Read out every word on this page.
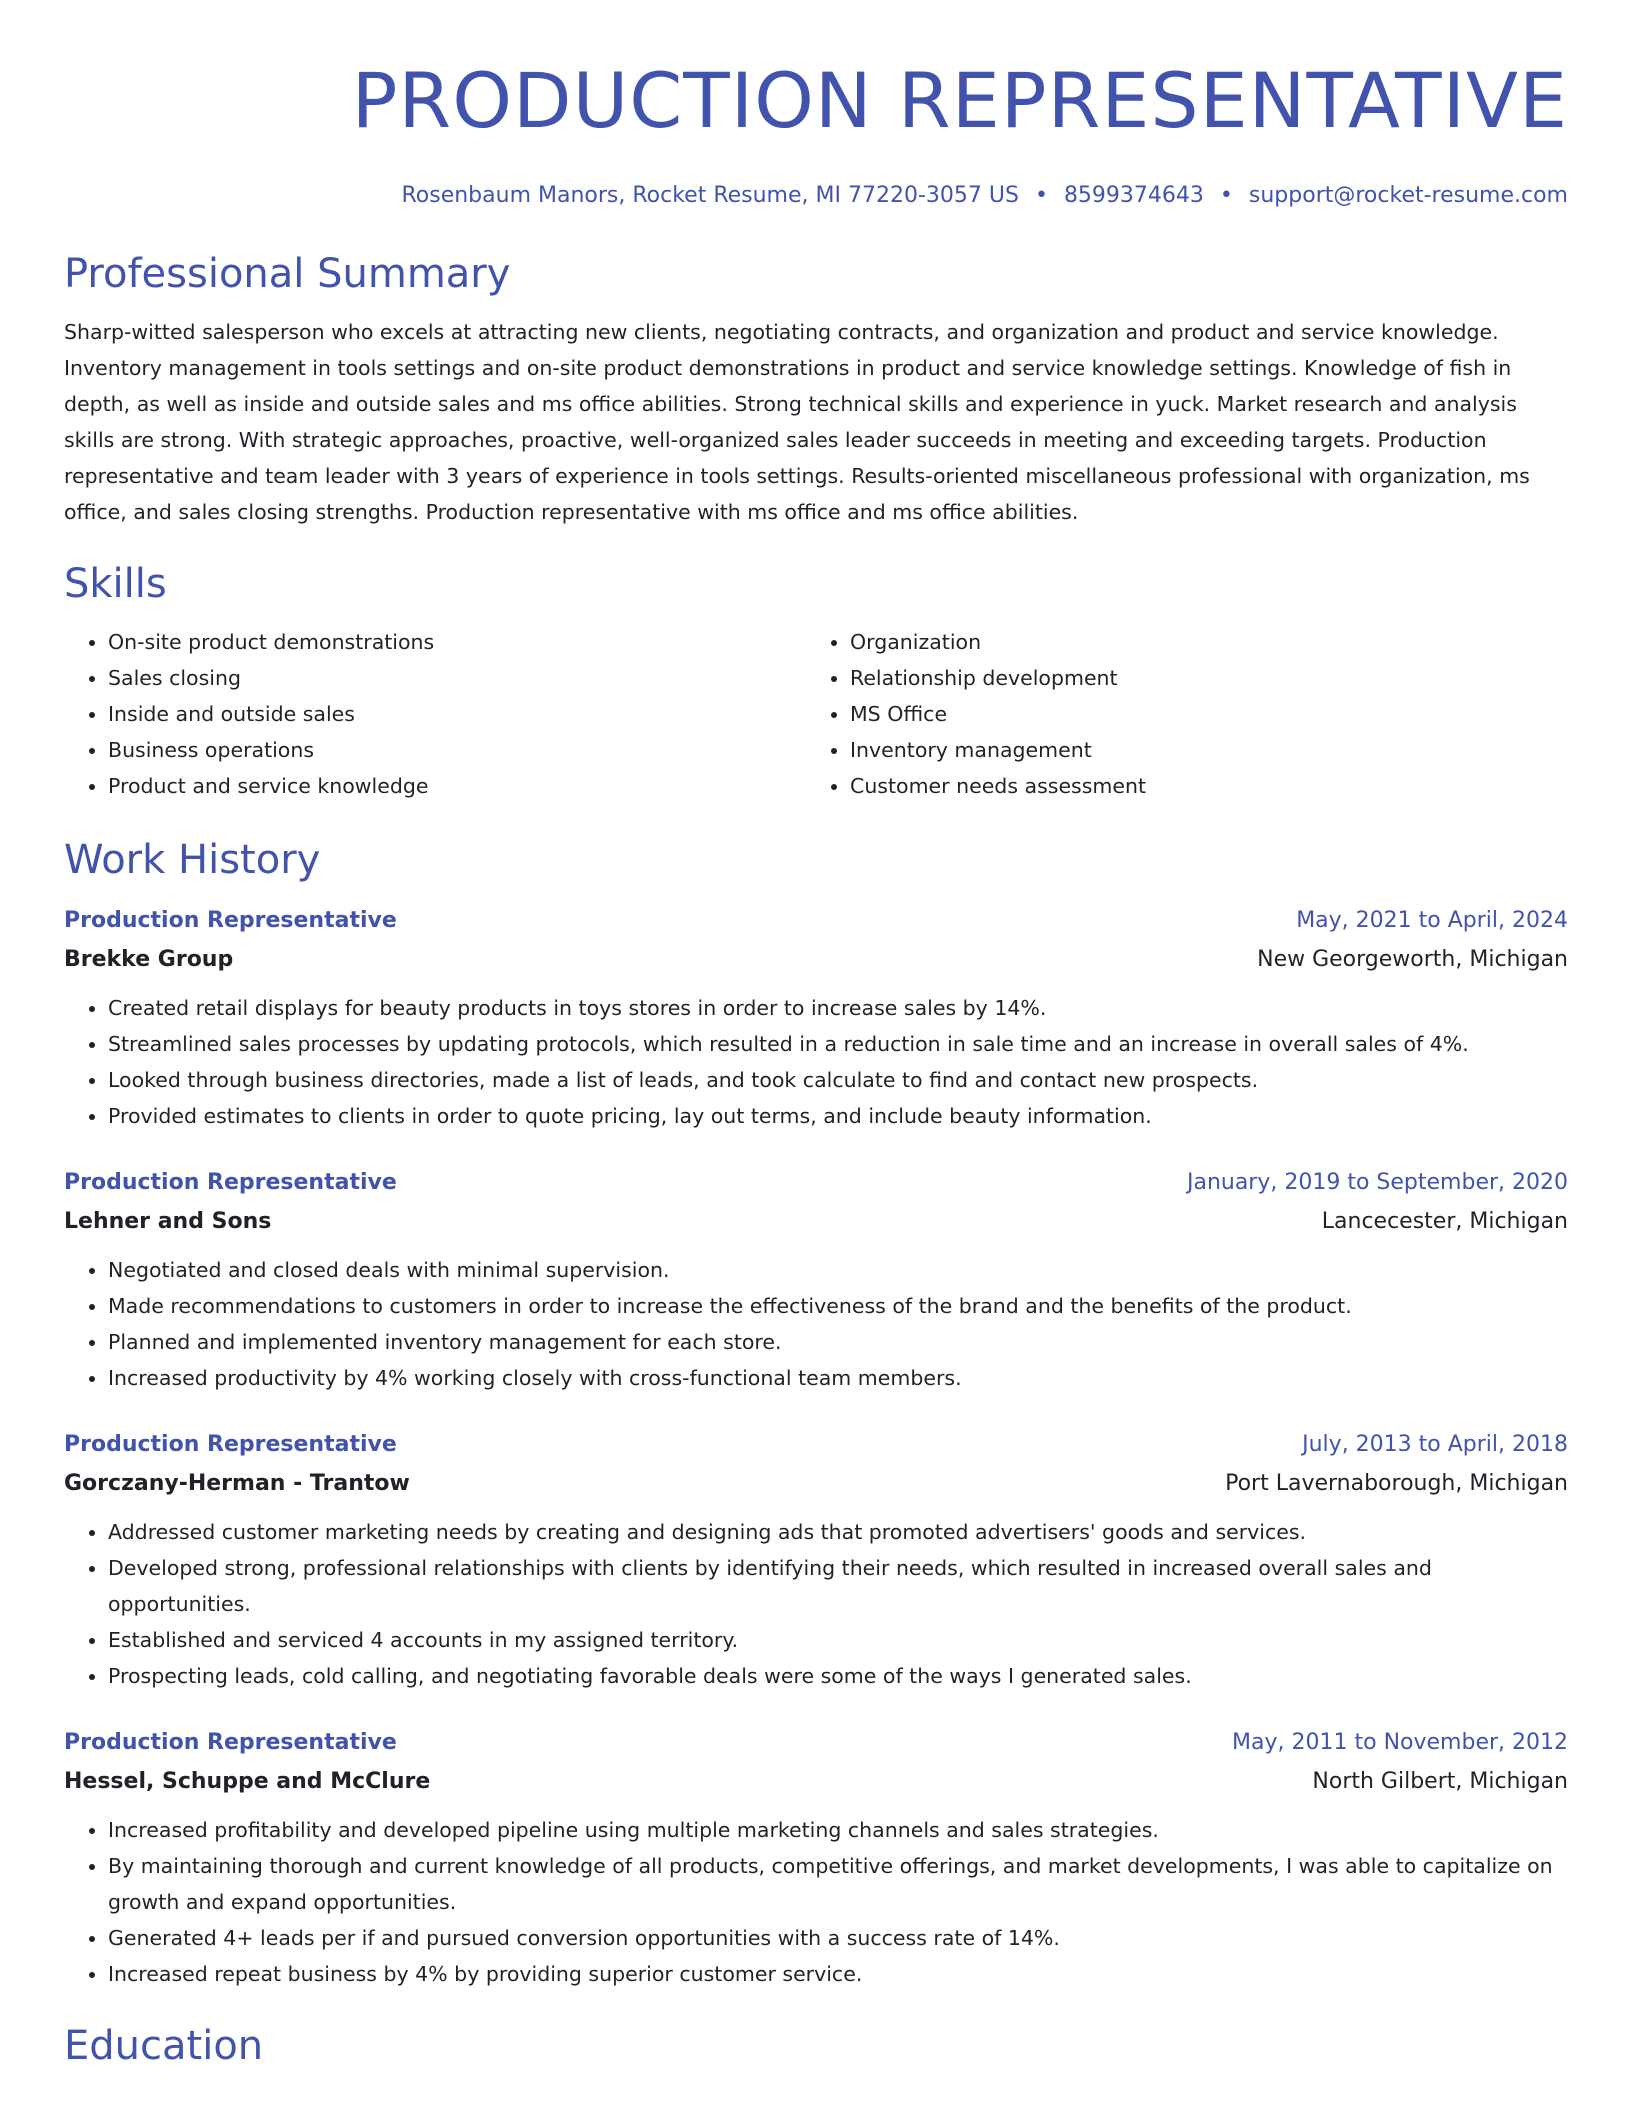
PRODUCTION REPRESENTATIVE
Rosenbaum Manors, Rocket Resume, MI 77220-3057 US • 8599374643 • support@rocket-resume.com
Professional Summary

Sharp-witted salesperson who excels at attracting new clients, negotiating contracts, and organization and product and service knowledge. Inventory management in tools settings and on-site product demonstrations in product and service knowledge settings. Knowledge of fish in depth, as well as inside and outside sales and ms office abilities. Strong technical skills and experience in yuck. Market research and analysis skills are strong. With strategic approaches, proactive, well-organized sales leader succeeds in meeting and exceeding targets. Production representative and team leader with 3 years of experience in tools settings. Results-oriented miscellaneous professional with organization, ms office, and sales closing strengths. Production representative with ms office and ms office abilities.

Skills
• On-site product demonstrations
• Sales closing
• Inside and outside sales
• Business operations
• Product and service knowledge
• Organization
• Relationship development
• MS Office
• Inventory management
• Customer needs assessment
Work History
Production Representative	May, 2021 to April, 2024
Brekke Group	New Georgeworth, Michigan
• Created retail displays for beauty products in toys stores in order to increase sales by 14%.
• Streamlined sales processes by updating protocols, which resulted in a reduction in sale time and an increase in overall sales of 4%.
• Looked through business directories, made a list of leads, and took calculate to find and contact new prospects.
• Provided estimates to clients in order to quote pricing, lay out terms, and include beauty information.
Production Representative	January, 2019 to September, 2020
Lehner and Sons	Lancecester, Michigan
• Negotiated and closed deals with minimal supervision.
• Made recommendations to customers in order to increase the effectiveness of the brand and the benefits of the product.
• Planned and implemented inventory management for each store.
• Increased productivity by 4% working closely with cross-functional team members.
Production Representative	July, 2013 to April, 2018
Gorczany-Herman - Trantow	Port Lavernaborough, Michigan
• Addressed customer marketing needs by creating and designing ads that promoted advertisers' goods and services.
• Developed strong, professional relationships with clients by identifying their needs, which resulted in increased overall sales and opportunities.
• Established and serviced 4 accounts in my assigned territory.
• Prospecting leads, cold calling, and negotiating favorable deals were some of the ways I generated sales.
Production Representative	May, 2011 to November, 2012
Hessel, Schuppe and McClure	North Gilbert, Michigan
• Increased profitability and developed pipeline using multiple marketing channels and sales strategies.
• By maintaining thorough and current knowledge of all products, competitive offerings, and market developments, I was able to capitalize on growth and expand opportunities.
• Generated 4+ leads per if and pursued conversion opportunities with a success rate of 14%.
• Increased repeat business by 4% by providing superior customer service.
Education
